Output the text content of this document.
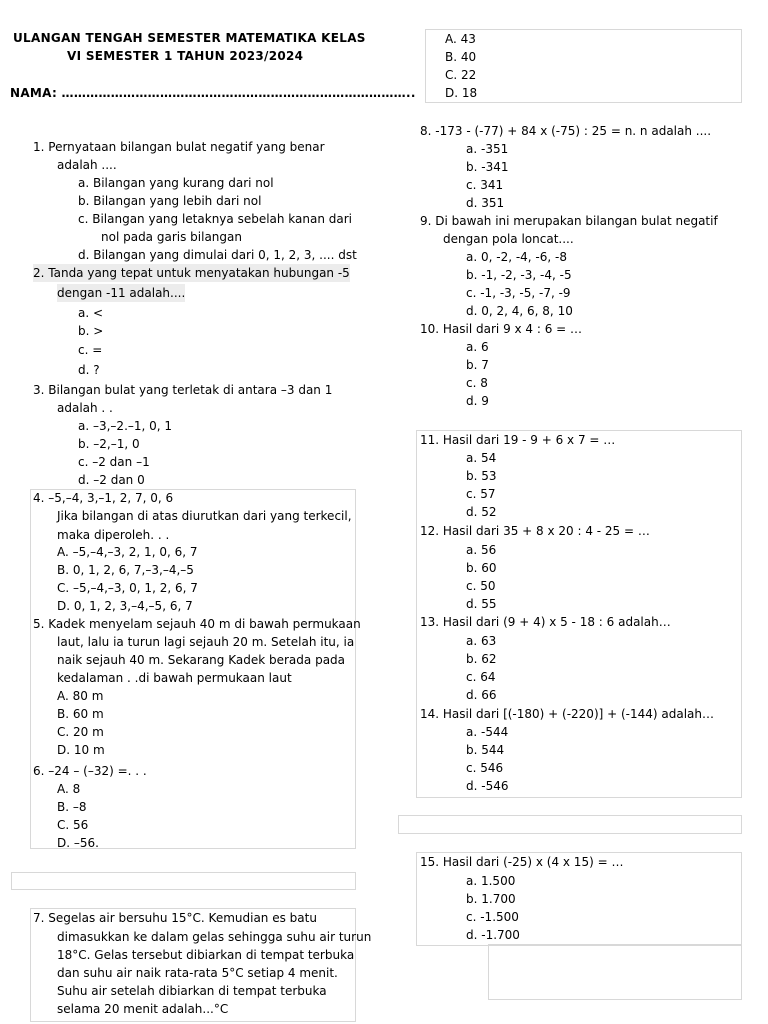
ULANGAN TENGAH SEMESTER MATEMATIKA KELAS
VI SEMESTER 1 TAHUN 2023/2024
NAMA: …………………………………………………………………………..
1. Pernyataan bilangan bulat negatif yang benar
adalah ....
a. Bilangan yang kurang dari nol
b. Bilangan yang lebih dari nol
c. Bilangan yang letaknya sebelah kanan dari
nol pada garis bilangan
d. Bilangan yang dimulai dari 0, 1, 2, 3, .... dst
2. Tanda yang tepat untuk menyatakan hubungan -5
dengan -11 adalah....
a. <
b. >
c. =
d. ?
3. Bilangan bulat yang terletak di antara –3 dan 1
adalah . .
a. –3,–2.–1, 0, 1
b. –2,–1, 0
c. –2 dan –1
d. –2 dan 0
4. –5,–4, 3,–1, 2, 7, 0, 6
Jika bilangan di atas diurutkan dari yang terkecil,
maka diperoleh. . .
A. –5,–4,–3, 2, 1, 0, 6, 7
B. 0, 1, 2, 6, 7,–3,–4,–5
C. –5,–4,–3, 0, 1, 2, 6, 7
D. 0, 1, 2, 3,–4,–5, 6, 7
5. Kadek menyelam sejauh 40 m di bawah permukaan
laut, lalu ia turun lagi sejauh 20 m. Setelah itu, ia
naik sejauh 40 m. Sekarang Kadek berada pada
kedalaman . .di bawah permukaan laut
A. 80 m
B. 60 m
C. 20 m
D. 10 m
6. –24 – (–32) =. . .
A. 8
B. –8
C. 56
D. –56.
7. Segelas air bersuhu 15°C. Kemudian es batu
dimasukkan ke dalam gelas sehingga suhu air turun
18°C. Gelas tersebut dibiarkan di tempat terbuka
dan suhu air naik rata-rata 5°C setiap 4 menit.
Suhu air setelah dibiarkan di tempat terbuka
selama 20 menit adalah...°C
A. 43
B. 40
C. 22
D. 18
8. -173 - (-77) + 84 x (-75) : 25 = n. n adalah ....
a. -351
b. -341
c. 341
d. 351
9. Di bawah ini merupakan bilangan bulat negatif
dengan pola loncat....
a. 0, -2, -4, -6, -8
b. -1, -2, -3, -4, -5
c. -1, -3, -5, -7, -9
d. 0, 2, 4, 6, 8, 10
10. Hasil dari 9 x 4 : 6 = …
a. 6
b. 7
c. 8
d. 9
11. Hasil dari 19 - 9 + 6 x 7 = …
a. 54
b. 53
c. 57
d. 52
12. Hasil dari 35 + 8 x 20 : 4 - 25 = …
a. 56
b. 60
c. 50
d. 55
13. Hasil dari (9 + 4) x 5 - 18 : 6 adalah…
a. 63
b. 62
c. 64
d. 66
14. Hasil dari [(-180) + (-220)] + (-144) adalah…
a. -544
b. 544
c. 546
d. -546
15. Hasil dari (-25) x (4 x 15) = …
a. 1.500
b. 1.700
c. -1.500
d. -1.700
